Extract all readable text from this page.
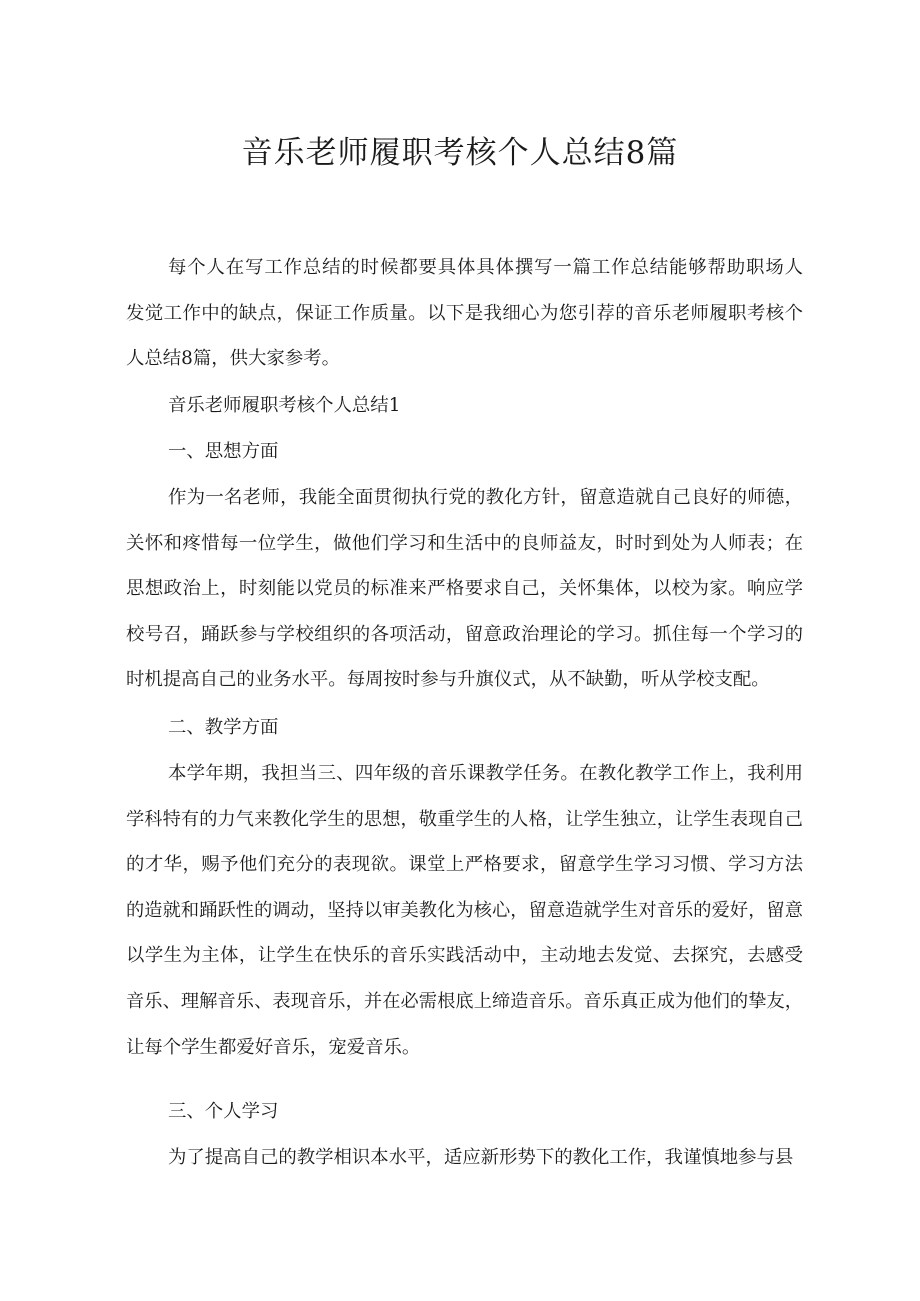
音乐老师履职考核个人总结8篇
每个人在写工作总结的时候都要具体具体撰写一篇工作总结能够帮助职场人
发觉工作中的缺点，保证工作质量。以下是我细心为您引荐的音乐老师履职考核个
人总结8篇，供大家参考。
音乐老师履职考核个人总结1
一、思想方面
作为一名老师，我能全面贯彻执行党的教化方针，留意造就自己良好的师德，
关怀和疼惜每一位学生，做他们学习和生活中的良师益友，时时到处为人师表；在
思想政治上，时刻能以党员的标准来严格要求自己，关怀集体，以校为家。响应学
校号召，踊跃参与学校组织的各项活动，留意政治理论的学习。抓住每一个学习的
时机提高自己的业务水平。每周按时参与升旗仪式，从不缺勤，听从学校支配。
二、教学方面
本学年期，我担当三、四年级的音乐课教学任务。在教化教学工作上，我利用
学科特有的力气来教化学生的思想，敬重学生的人格，让学生独立，让学生表现自己
的才华，赐予他们充分的表现欲。课堂上严格要求，留意学生学习习惯、学习方法
的造就和踊跃性的调动，坚持以审美教化为核心，留意造就学生对音乐的爱好，留意
以学生为主体，让学生在快乐的音乐实践活动中，主动地去发觉、去探究，去感受
音乐、理解音乐、表现音乐，并在必需根底上缔造音乐。音乐真正成为他们的挚友，
让每个学生都爱好音乐，宠爱音乐。
三、个人学习
为了提高自己的教学相识本水平，适应新形势下的教化工作，我谨慎地参与县
